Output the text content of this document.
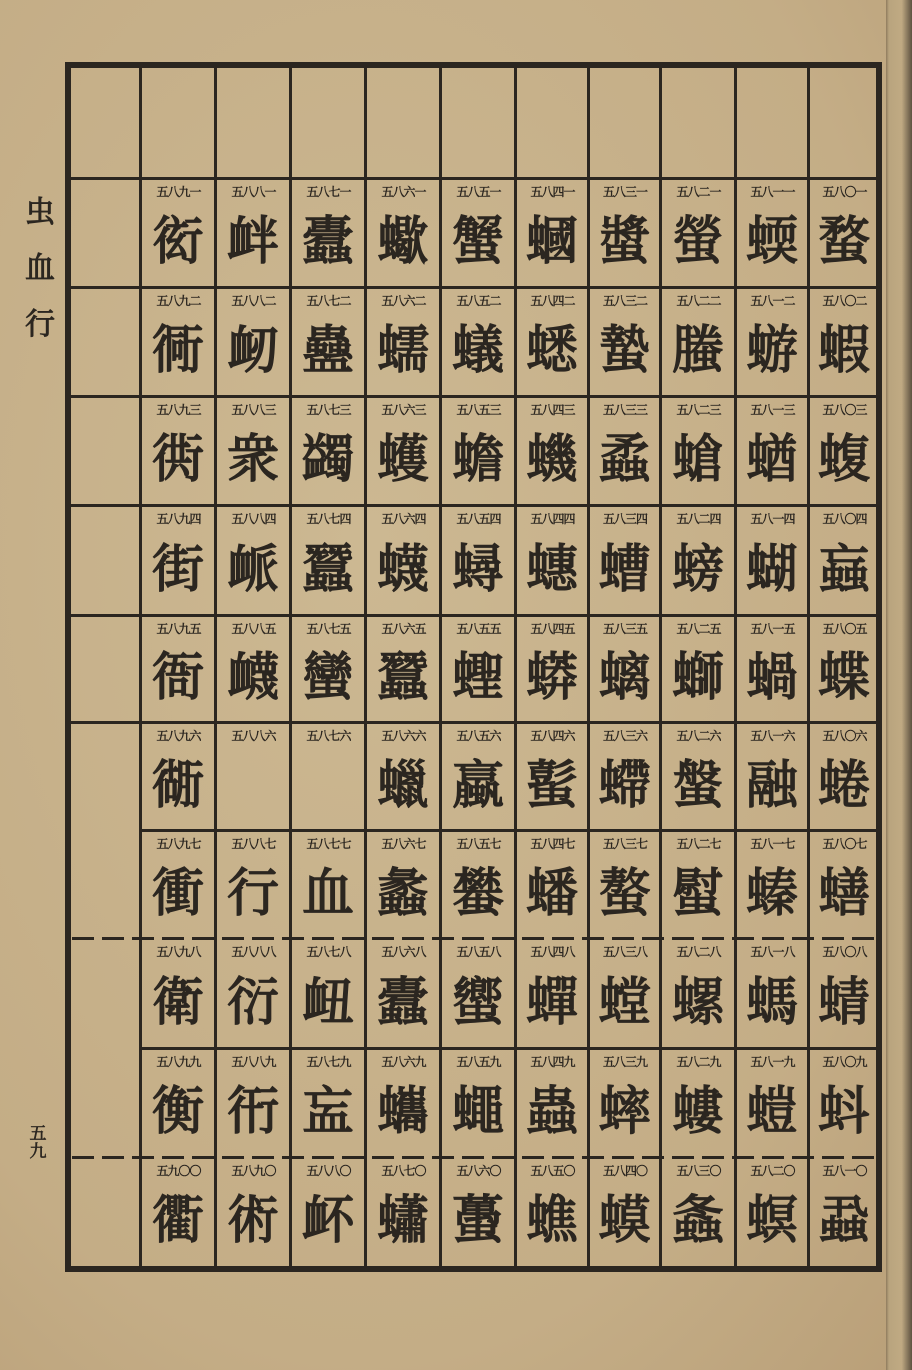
虫
血
行
五
九
五八九一
衒
五八九二
衕
五八九三
衖
五八九四
街
五八九五
衙
五八九六
衚
五八九七
衝
五八九八
衛
五八九九
衡
五九〇〇
衢
五八八一
衅
五八八二
衂
五八八三
衆
五八八四
衇
五八八五
衊
五八八六
五八八七
行
五八八八
衍
五八八九
衎
五八九〇
術
五八七一
蠹
五八七二
蠱
五八七三
蠲
五八七四
蠶
五八七五
蠻
五八七六
五八七七
血
五八七八
衄
五八七九
衁
五八八〇
衃
五八六一
蠍
五八六二
蠕
五八六三
蠖
五八六四
蠛
五八六五
蠶
五八六六
蠟
五八六七
蠡
五八六八
蠹
五八六九
蠵
五八七〇
蠨
五八五一
蟹
五八五二
蟻
五八五三
蟾
五八五四
蟳
五八五五
蟶
五八五六
蠃
五八五七
蠜
五八五八
蠁
五八五九
蠅
五八六〇
蠆
五八四一
蟈
五八四二
蟋
五八四三
蟣
五八四四
蟪
五八四五
蟒
五八四六
蟚
五八四七
蟠
五八四八
蟬
五八四九
蟲
五八五〇
蟭
五八三一
螿
五八三二
蟄
五八三三
蟊
五八三四
螬
五八三五
螭
五八三六
螮
五八三七
螯
五八三八
螳
五八三九
蟀
五八四〇
蟆
五八二一
螢
五八二二
螣
五八二三
螥
五八二四
螃
五八二五
螄
五八二六
螌
五八二七
螱
五八二八
螺
五八二九
螻
五八三〇
螽
五八一一
蝡
五八一二
蝣
五八一三
蝤
五八一四
蝴
五八一五
蝸
五八一六
融
五八一七
螓
五八一八
螞
五八一九
螘
五八二〇
螟
五八〇一
蝥
五八〇二
蝦
五八〇三
蝮
五八〇四
蝱
五八〇五
蝶
五八〇六
蜷
五八〇七
蟮
五八〇八
蜻
五八〇九
蚪
五八一〇
蝨
